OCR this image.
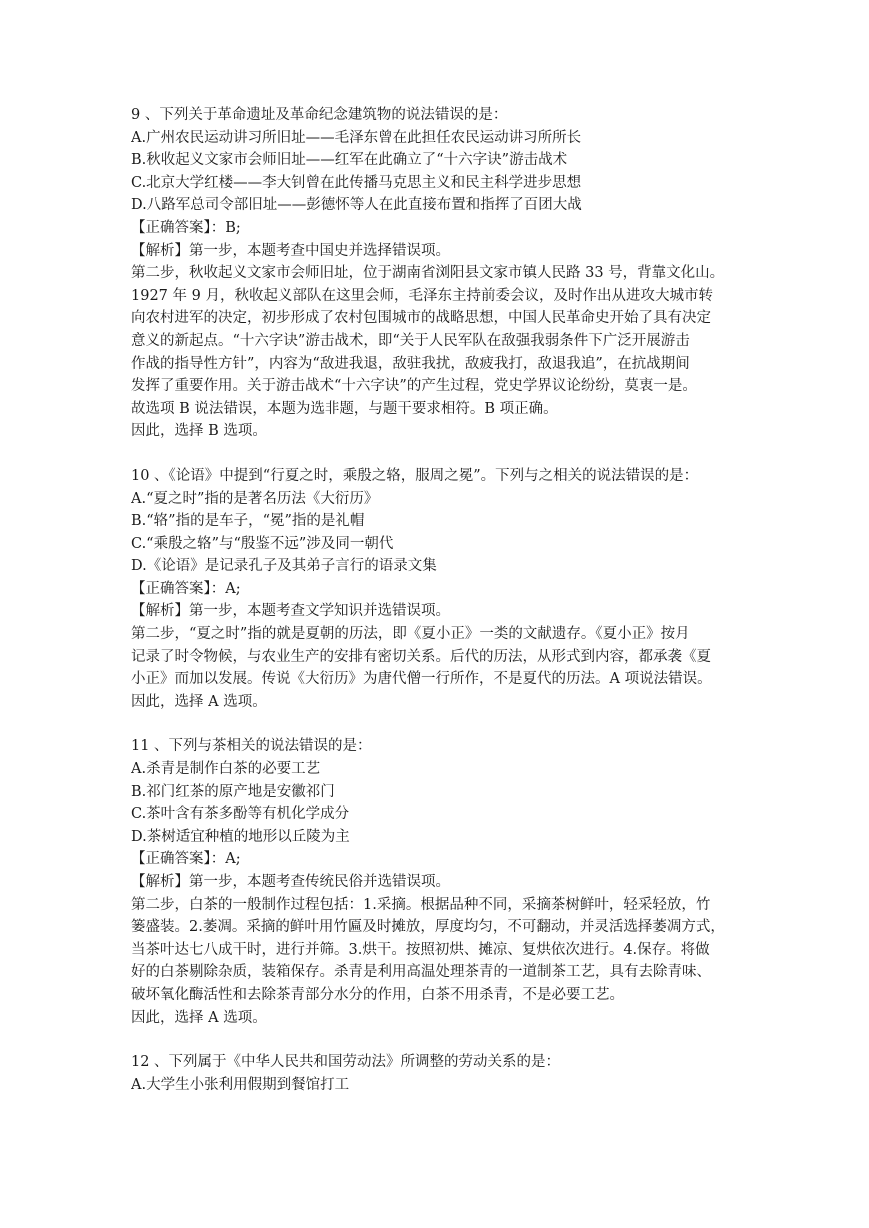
9 、下列关于革命遗址及革命纪念建筑物的说法错误的是：
A.广州农民运动讲习所旧址——毛泽东曾在此担任农民运动讲习所所长
B.秋收起义文家市会师旧址——红军在此确立了“十六字诀”游击战术
C.北京大学红楼——李大钊曾在此传播马克思主义和民主科学进步思想
D.八路军总司令部旧址——彭德怀等人在此直接布置和指挥了百团大战
【正确答案】：B;
【解析】第一步，本题考查中国史并选择错误项。
第二步，秋收起义文家市会师旧址，位于湖南省浏阳县文家市镇人民路 33 号，背靠文化山。
1927 年 9 月，秋收起义部队在这里会师，毛泽东主持前委会议，及时作出从进攻大城市转
向农村进军的决定，初步形成了农村包围城市的战略思想，中国人民革命史开始了具有决定
意义的新起点。“十六字诀”游击战术，即“关于人民军队在敌强我弱条件下广泛开展游击
作战的指导性方针”，内容为“敌进我退，敌驻我扰，敌疲我打，敌退我追”，在抗战期间
发挥了重要作用。关于游击战术“十六字诀”的产生过程，党史学界议论纷纷，莫衷一是。
故选项 B 说法错误，本题为选非题，与题干要求相符。B 项正确。
因此，选择 B 选项。
10 、《论语》中提到“行夏之时，乘殷之辂，服周之冕”。下列与之相关的说法错误的是：
A.“夏之时”指的是著名历法《大衍历》
B.“辂”指的是车子，“冕”指的是礼帽
C.“乘殷之辂”与“殷鉴不远”涉及同一朝代
D.《论语》是记录孔子及其弟子言行的语录文集
【正确答案】：A;
【解析】第一步，本题考查文学知识并选错误项。
第二步，“夏之时”指的就是夏朝的历法，即《夏小正》一类的文献遗存。《夏小正》按月
记录了时令物候，与农业生产的安排有密切关系。后代的历法，从形式到内容，都承袭《夏
小正》而加以发展。传说《大衍历》为唐代僧一行所作，不是夏代的历法。A 项说法错误。
因此，选择 A 选项。
11 、下列与茶相关的说法错误的是：
A.杀青是制作白茶的必要工艺
B.祁门红茶的原产地是安徽祁门
C.茶叶含有茶多酚等有机化学成分
D.茶树适宜种植的地形以丘陵为主
【正确答案】：A;
【解析】第一步，本题考查传统民俗并选错误项。
第二步，白茶的一般制作过程包括：1.采摘。根据品种不同，采摘茶树鲜叶，轻采轻放，竹
篓盛装。2.萎凋。采摘的鲜叶用竹匾及时摊放，厚度均匀，不可翻动，并灵活选择萎凋方式，
当茶叶达七八成干时，进行并筛。3.烘干。按照初烘、摊凉、复烘依次进行。4.保存。将做
好的白茶剔除杂质，装箱保存。杀青是利用高温处理茶青的一道制茶工艺，具有去除青味、
破坏氧化酶活性和去除茶青部分水分的作用，白茶不用杀青，不是必要工艺。
因此，选择 A 选项。
12 、下列属于《中华人民共和国劳动法》所调整的劳动关系的是：
A.大学生小张利用假期到餐馆打工
